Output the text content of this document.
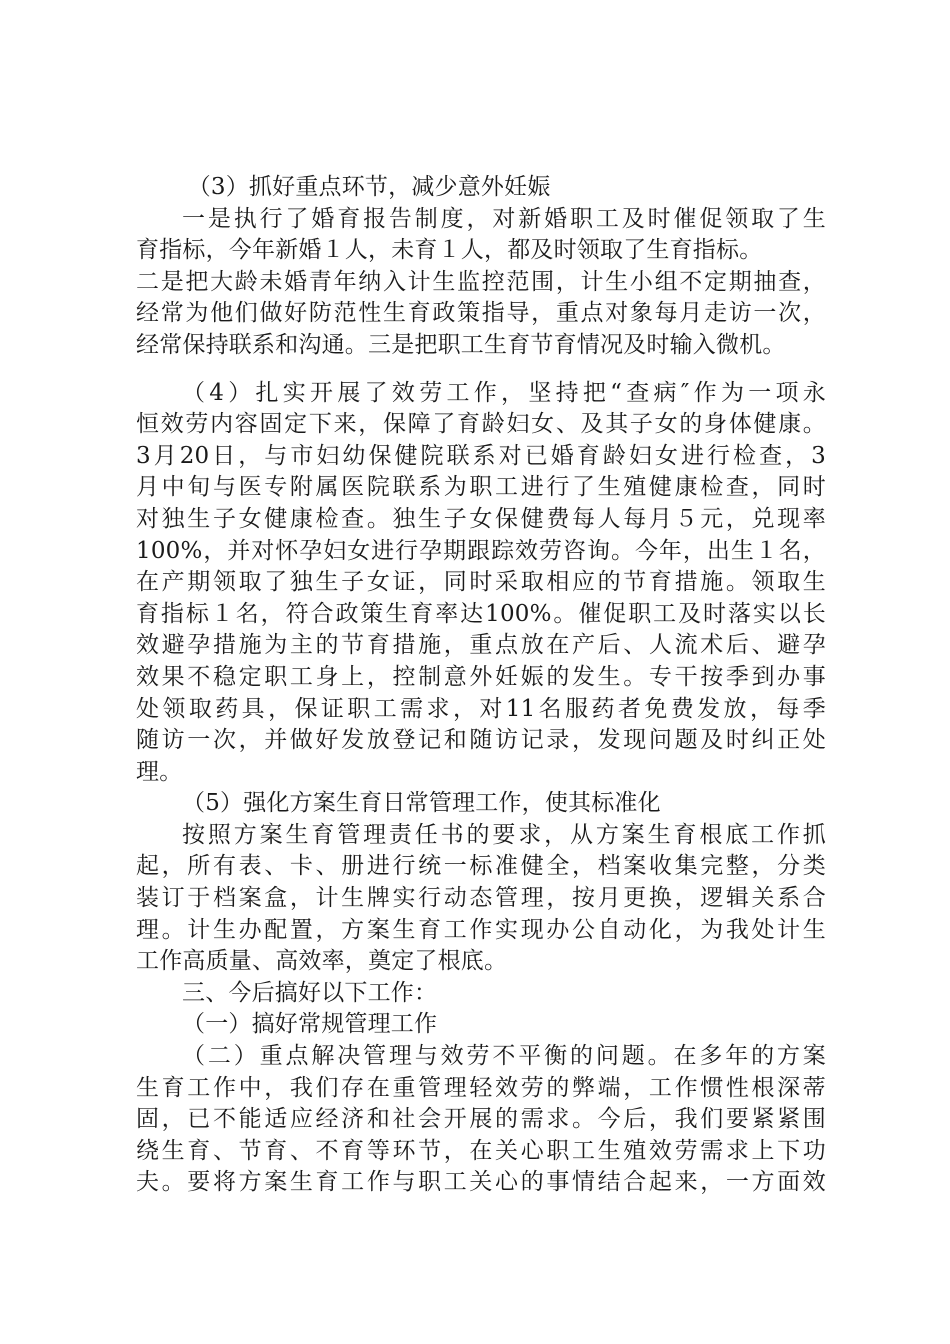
　（3）抓好重点环节，减少意外妊娠
一是执行了婚育报告制度，对新婚职工及时催促领取了生
育指标，今年新婚１人，未育１人，都及时领取了生育指标。
二是把大龄未婚青年纳入计生监控范围，计生小组不定期抽查，
经常为他们做好防范性生育政策指导，重点对象每月走访一次，
经常保持联系和沟通。三是把职工生育节育情况及时输入微机。
（4）扎实开展了效劳工作，坚持把“查病″作为一项永
恒效劳内容固定下来，保障了育龄妇女、及其子女的身体健康。
3月20日，与市妇幼保健院联系对已婚育龄妇女进行检查，3
月中旬与医专附属医院联系为职工进行了生殖健康检查，同时
对独生子女健康检查。独生子女保健费每人每月５元，兑现率
100%，并对怀孕妇女进行孕期跟踪效劳咨询。今年，出生１名，
在产期领取了独生子女证，同时采取相应的节育措施。领取生
育指标１名，符合政策生育率达100%。催促职工及时落实以长
效避孕措施为主的节育措施，重点放在产后、人流术后、避孕
效果不稳定职工身上，控制意外妊娠的发生。专干按季到办事
处领取药具，保证职工需求，对11名服药者免费发放，每季
随访一次，并做好发放登记和随访记录，发现问题及时纠正处
理。
（5）强化方案生育日常管理工作，使其标准化
按照方案生育管理责任书的要求，从方案生育根底工作抓
起，所有表、卡、册进行统一标准健全，档案收集完整，分类
装订于档案盒，计生牌实行动态管理，按月更换，逻辑关系合
理。计生办配置，方案生育工作实现办公自动化，为我处计生
工作高质量、高效率，奠定了根底。
三、今后搞好以下工作：
（一）搞好常规管理工作
（二）重点解决管理与效劳不平衡的问题。在多年的方案
生育工作中，我们存在重管理轻效劳的弊端，工作惯性根深蒂
固，已不能适应经济和社会开展的需求。今后，我们要紧紧围
绕生育、节育、不育等环节，在关心职工生殖效劳需求上下功
夫。要将方案生育工作与职工关心的事情结合起来，一方面效
